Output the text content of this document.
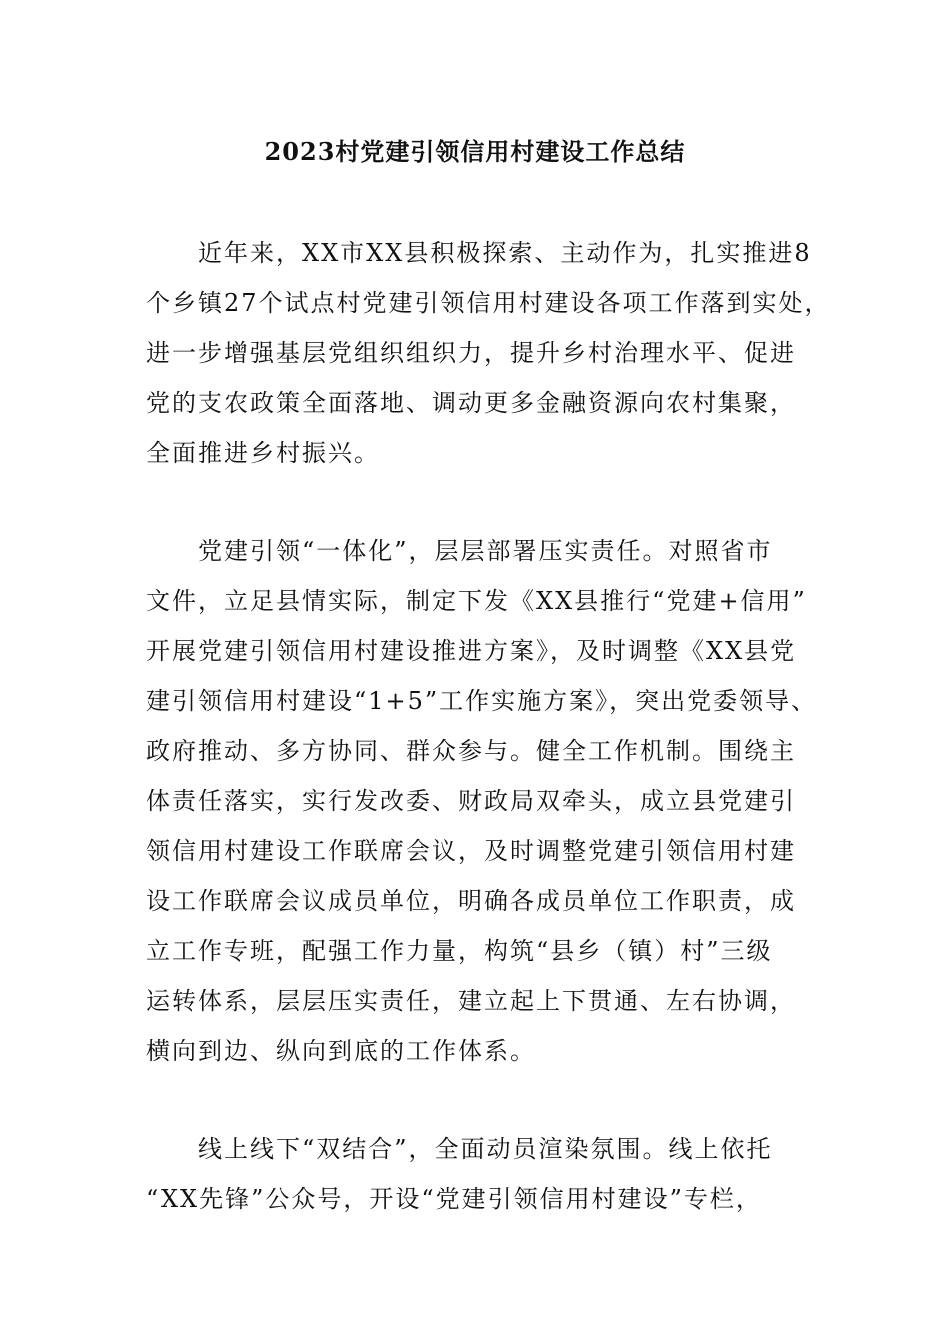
2023村党建引领信用村建设工作总结

近年来，XX市XX县积极探索、主动作为，扎实推进8

个乡镇27个试点村党建引领信用村建设各项工作落到实处，

进一步增强基层党组织组织力，提升乡村治理水平、促进

党的支农政策全面落地、调动更多金融资源向农村集聚，

全面推进乡村振兴。

党建引领“一体化”，层层部署压实责任。对照省市

文件，立足县情实际，制定下发《XX县推行“党建+信用”

开展党建引领信用村建设推进方案》，及时调整《XX县党

建引领信用村建设“1+5”工作实施方案》，突出党委领导、

政府推动、多方协同、群众参与。健全工作机制。围绕主

体责任落实，实行发改委、财政局双牵头，成立县党建引

领信用村建设工作联席会议，及时调整党建引领信用村建

设工作联席会议成员单位，明确各成员单位工作职责，成

立工作专班，配强工作力量，构筑“县乡（镇）村”三级

运转体系，层层压实责任，建立起上下贯通、左右协调，

横向到边、纵向到底的工作体系。

线上线下“双结合”，全面动员渲染氛围。线上依托

“XX先锋”公众号，开设“党建引领信用村建设”专栏，
